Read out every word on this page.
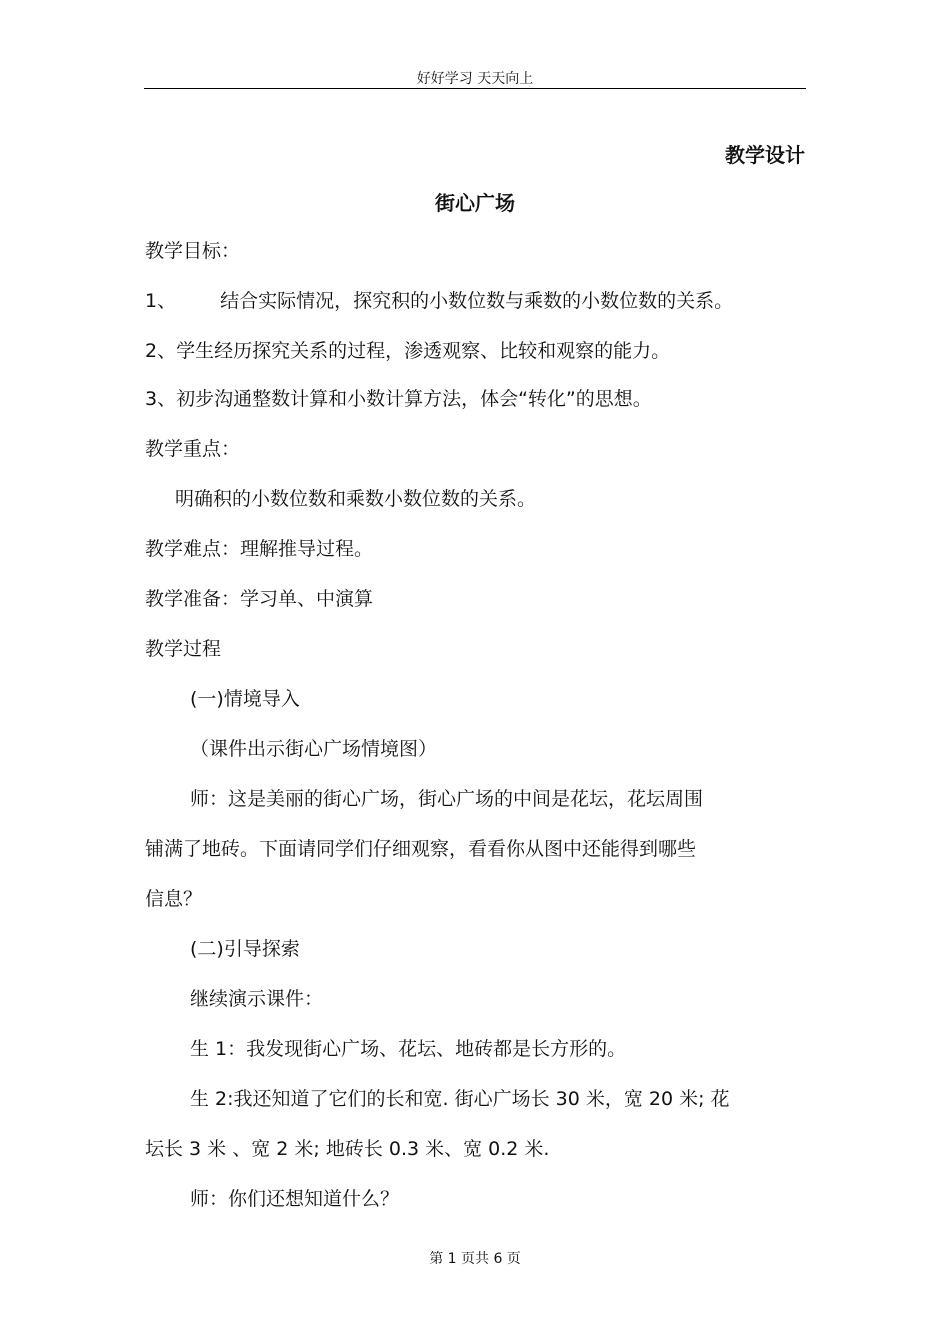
好好学习 天天向上
教学设计
街心广场
教学目标：
1、 结合实际情况，探究积的小数位数与乘数的小数位数的关系。
2、学生经历探究关系的过程，渗透观察、比较和观察的能力。
3、初步沟通整数计算和小数计算方法，体会“转化”的思想。
教学重点：
明确积的小数位数和乘数小数位数的关系。
教学难点：理解推导过程。
教学准备：学习单、中演算
教学过程
(一)情境导入
（课件出示街心广场情境图）
师：这是美丽的街心广场，街心广场的中间是花坛，花坛周围
铺满了地砖。下面请同学们仔细观察，看看你从图中还能得到哪些
信息？
(二)引导探索
继续演示课件：
生 1：我发现街心广场、花坛、地砖都是长方形的。
生 2:我还知道了它们的长和宽. 街心广场长 30 米，宽 20 米; 花
坛长 3 米 、宽 2 米; 地砖长 0.3 米、宽 0.2 米.
师：你们还想知道什么？
第 1 页共 6 页
